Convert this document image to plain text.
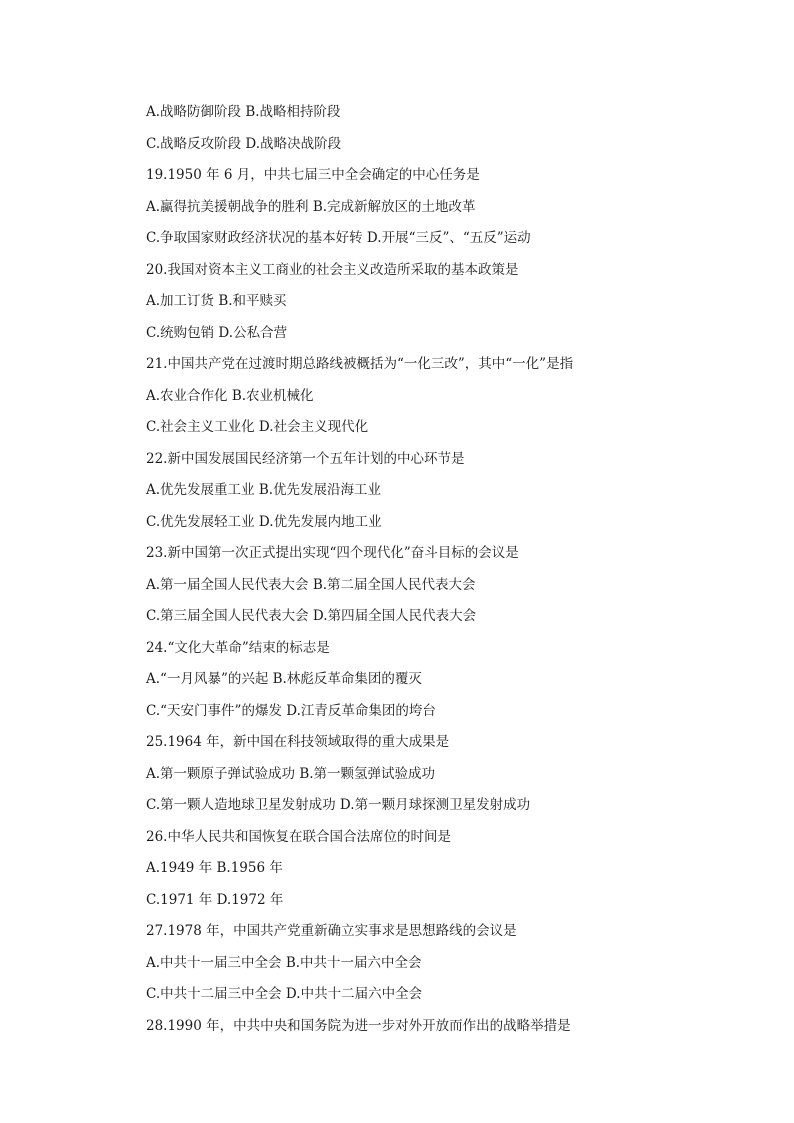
A.战略防御阶段 B.战略相持阶段
C.战略反攻阶段 D.战略决战阶段
19.1950 年 6 月，中共七届三中全会确定的中心任务是
A.赢得抗美援朝战争的胜利 B.完成新解放区的土地改革
C.争取国家财政经济状况的基本好转 D.开展“三反”、“五反”运动
20.我国对资本主义工商业的社会主义改造所采取的基本政策是
A.加工订货 B.和平赎买
C.统购包销 D.公私合营
21.中国共产党在过渡时期总路线被概括为“一化三改”，其中“一化”是指
A.农业合作化 B.农业机械化
C.社会主义工业化 D.社会主义现代化
22.新中国发展国民经济第一个五年计划的中心环节是
A.优先发展重工业 B.优先发展沿海工业
C.优先发展轻工业 D.优先发展内地工业
23.新中国第一次正式提出实现“四个现代化”奋斗目标的会议是
A.第一届全国人民代表大会 B.第二届全国人民代表大会
C.第三届全国人民代表大会 D.第四届全国人民代表大会
24.“文化大革命”结束的标志是
A.“一月风暴”的兴起 B.林彪反革命集团的覆灭
C.“天安门事件”的爆发 D.江青反革命集团的垮台
25.1964 年，新中国在科技领域取得的重大成果是
A.第一颗原子弹试验成功 B.第一颗氢弹试验成功
C.第一颗人造地球卫星发射成功 D.第一颗月球探测卫星发射成功
26.中华人民共和国恢复在联合国合法席位的时间是
A.1949 年 B.1956 年
C.1971 年 D.1972 年
27.1978 年，中国共产党重新确立实事求是思想路线的会议是
A.中共十一届三中全会 B.中共十一届六中全会
C.中共十二届三中全会 D.中共十二届六中全会
28.1990 年，中共中央和国务院为进一步对外开放而作出的战略举措是
